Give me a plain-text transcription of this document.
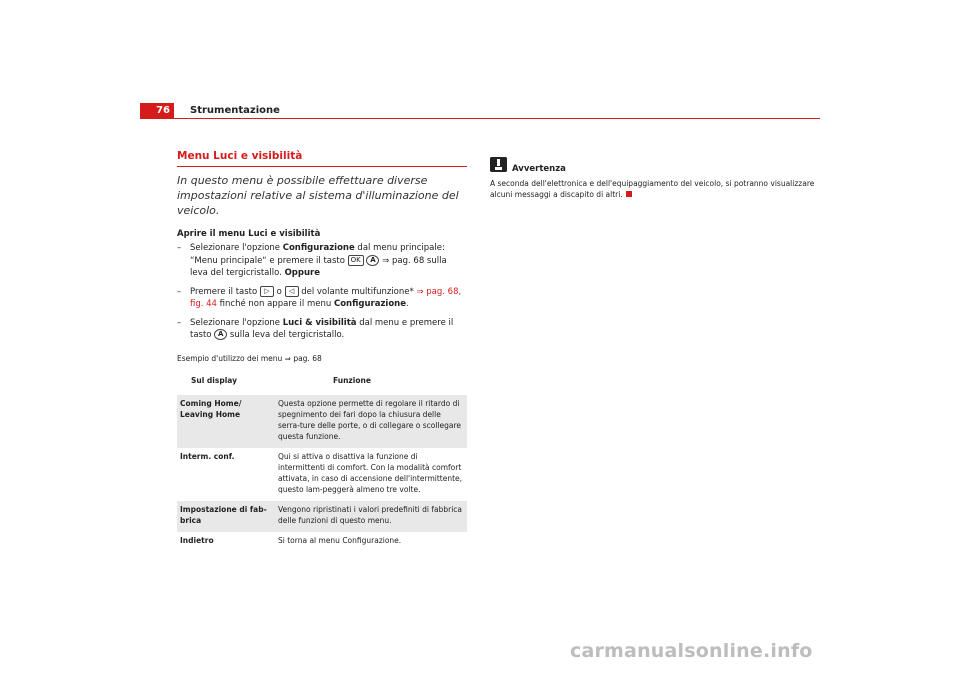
76	Strumentazione
Menu Luci e visibilità

In questo menu è possibile effettuare diverse impostazioni relative al sistema d'illuminazione del veicolo.

Aprire il menu Luci e visibilità
– Selezionare l'opzione Configurazione dal menu principale: “Menu principale“ e premere il tasto OK A ⇒ pag. 68 sulla leva del tergicristallo. Oppure
– Premere il tasto ▷ o ◁ del volante multifunzione* ⇒ pag. 68, fig. 44 finché non appare il menu Configurazione.
– Selezionare l'opzione Luci & visibilità dal menu e premere il tasto A sulla leva del tergicristallo.
Esempio d'utilizzo dei menu ⇒ pag. 68
Sul display	Funzione
Coming Home/ Leaving Home	Questa opzione permette di regolare il ritardo di spegnimento dei fari dopo la chiusura delle serra-ture delle porte, o di collegare o scollegare questa funzione.
Interm. conf.	Qui si attiva o disattiva la funzione di intermittenti di comfort. Con la modalità comfort attivata, in caso di accensione dell'intermittente, questo lam-peggerà almeno tre volte.
Impostazione di fab-brica	Vengono ripristinati i valori predefiniti di fabbrica delle funzioni di questo menu.
Indietro	Si torna al menu Configurazione.
Avvertenza
A seconda dell'elettronica e dell'equipaggiamento del veicolo, si potranno visualizzare alcuni messaggi a discapito di altri.
carmanualsonline.info
